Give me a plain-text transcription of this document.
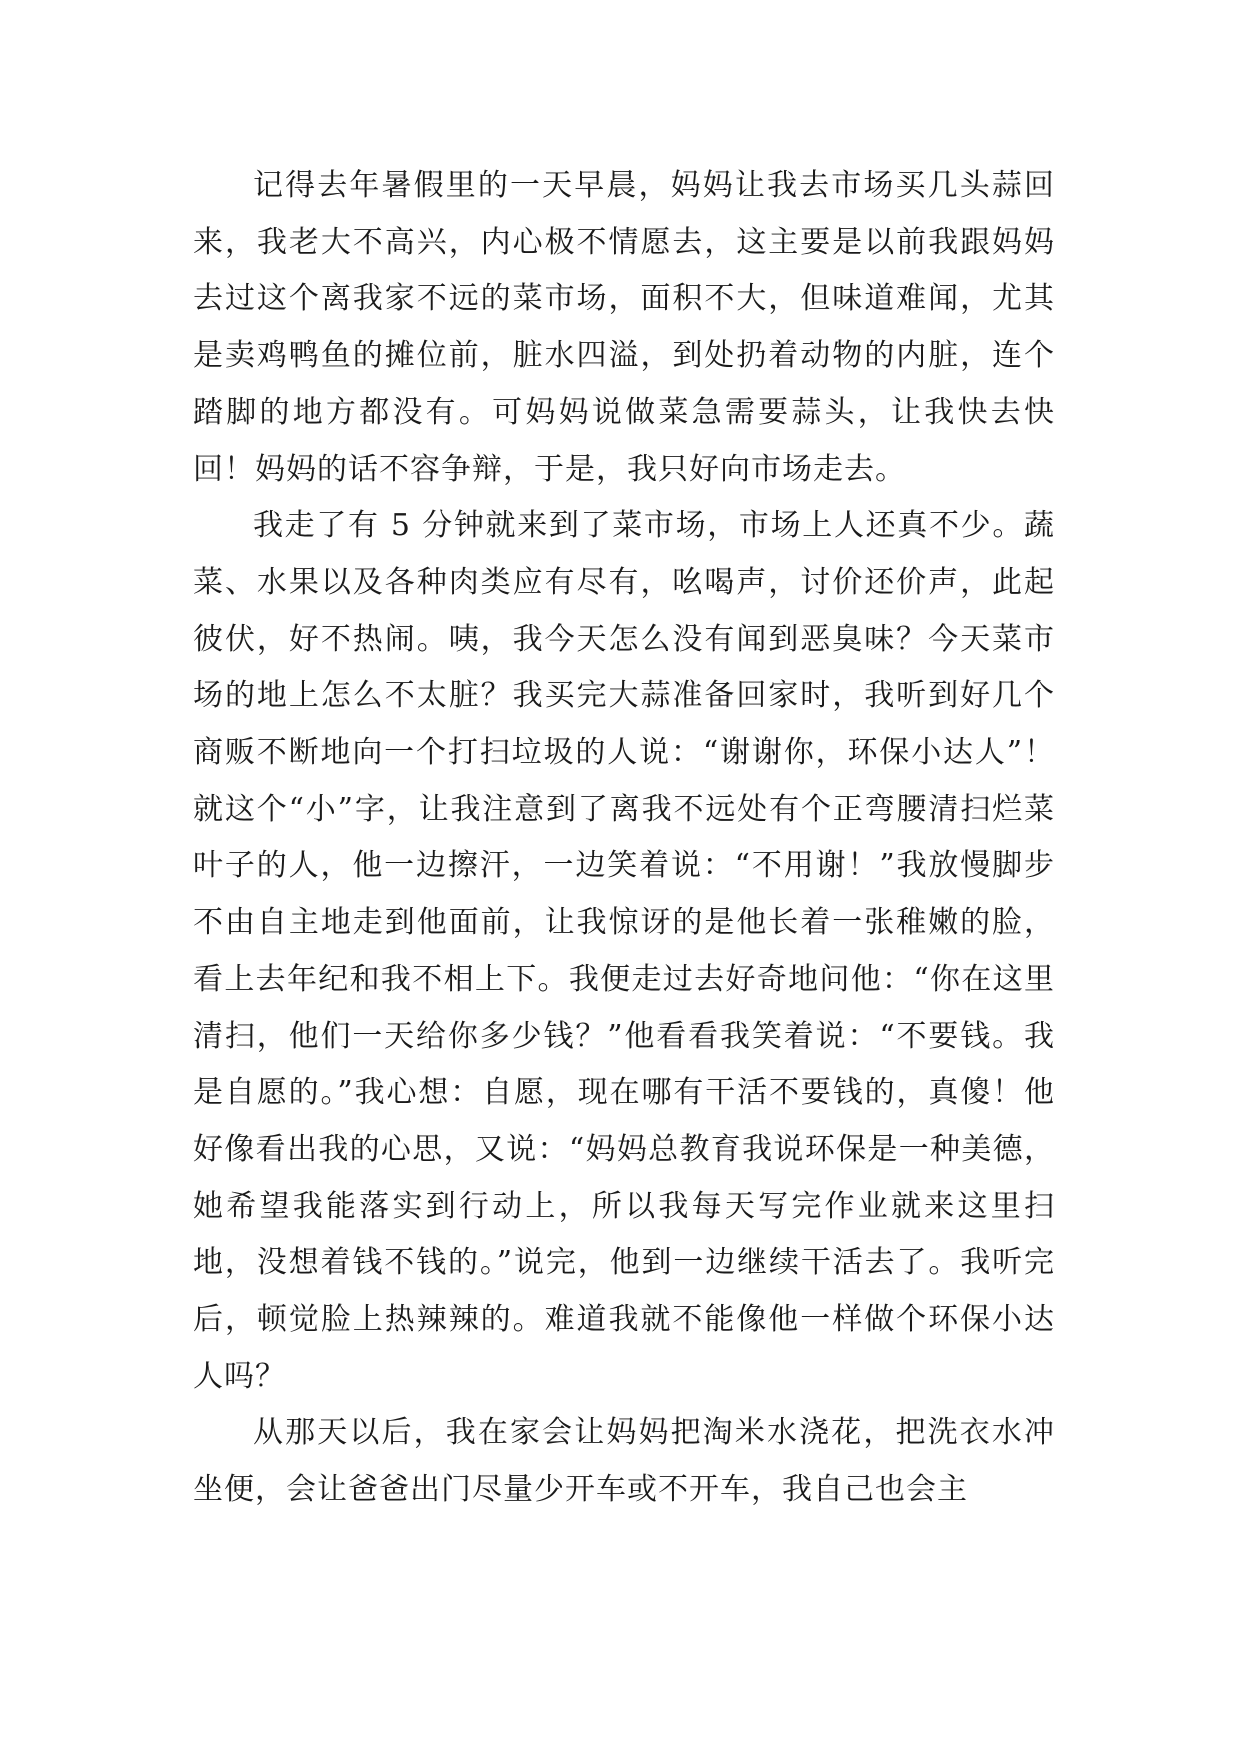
记得去年暑假里的一天早晨，妈妈让我去市场买几头蒜回来，我老大不高兴，内心极不情愿去，这主要是以前我跟妈妈去过这个离我家不远的菜市场，面积不大，但味道难闻，尤其是卖鸡鸭鱼的摊位前，脏水四溢，到处扔着动物的内脏，连个踏脚的地方都没有。可妈妈说做菜急需要蒜头，让我快去快回！妈妈的话不容争辩，于是，我只好向市场走去。

我走了有 5 分钟就来到了菜市场，市场上人还真不少。蔬菜、水果以及各种肉类应有尽有，吆喝声，讨价还价声，此起彼伏，好不热闹。咦，我今天怎么没有闻到恶臭味？今天菜市场的地上怎么不太脏？我买完大蒜准备回家时，我听到好几个商贩不断地向一个打扫垃圾的人说：“谢谢你，环保小达人”！就这个“小”字，让我注意到了离我不远处有个正弯腰清扫烂菜叶子的人，他一边擦汗，一边笑着说：“不用谢！”我放慢脚步不由自主地走到他面前，让我惊讶的是他长着一张稚嫩的脸，看上去年纪和我不相上下。我便走过去好奇地问他：“你在这里清扫，他们一天给你多少钱？”他看看我笑着说：“不要钱。我是自愿的。”我心想：自愿，现在哪有干活不要钱的，真傻！他好像看出我的心思，又说：“妈妈总教育我说环保是一种美德，她希望我能落实到行动上，所以我每天写完作业就来这里扫地，没想着钱不钱的。”说完，他到一边继续干活去了。我听完后，顿觉脸上热辣辣的。难道我就不能像他一样做个环保小达人吗？

从那天以后，我在家会让妈妈把淘米水浇花，把洗衣水冲坐便，会让爸爸出门尽量少开车或不开车，我自己也会主
